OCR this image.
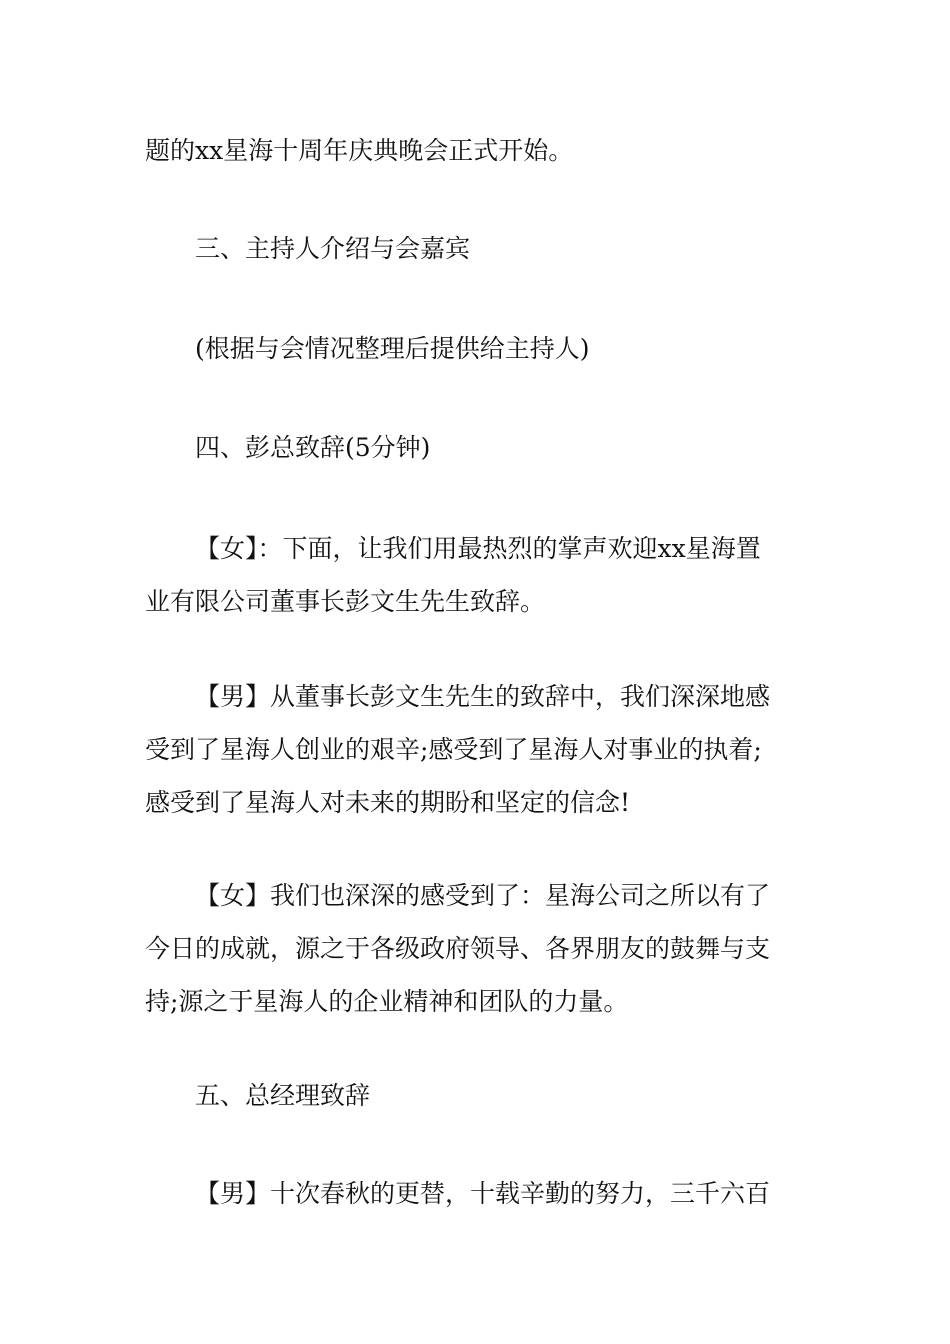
题的xx星海十周年庆典晚会正式开始。

三、主持人介绍与会嘉宾

(根据与会情况整理后提供给主持人)

四、彭总致辞(5分钟)

【女】：下面，让我们用最热烈的掌声欢迎xx星海置
业有限公司董事长彭文生先生致辞。
【男】从董事长彭文生先生的致辞中，我们深深地感
受到了星海人创业的艰辛;感受到了星海人对事业的执着;
感受到了星海人对未来的期盼和坚定的信念!
【女】我们也深深的感受到了：星海公司之所以有了
今日的成就，源之于各级政府领导、各界朋友的鼓舞与支
持;源之于星海人的企业精神和团队的力量。

五、总经理致辞

【男】十次春秋的更替，十载辛勤的努力，三千六百
